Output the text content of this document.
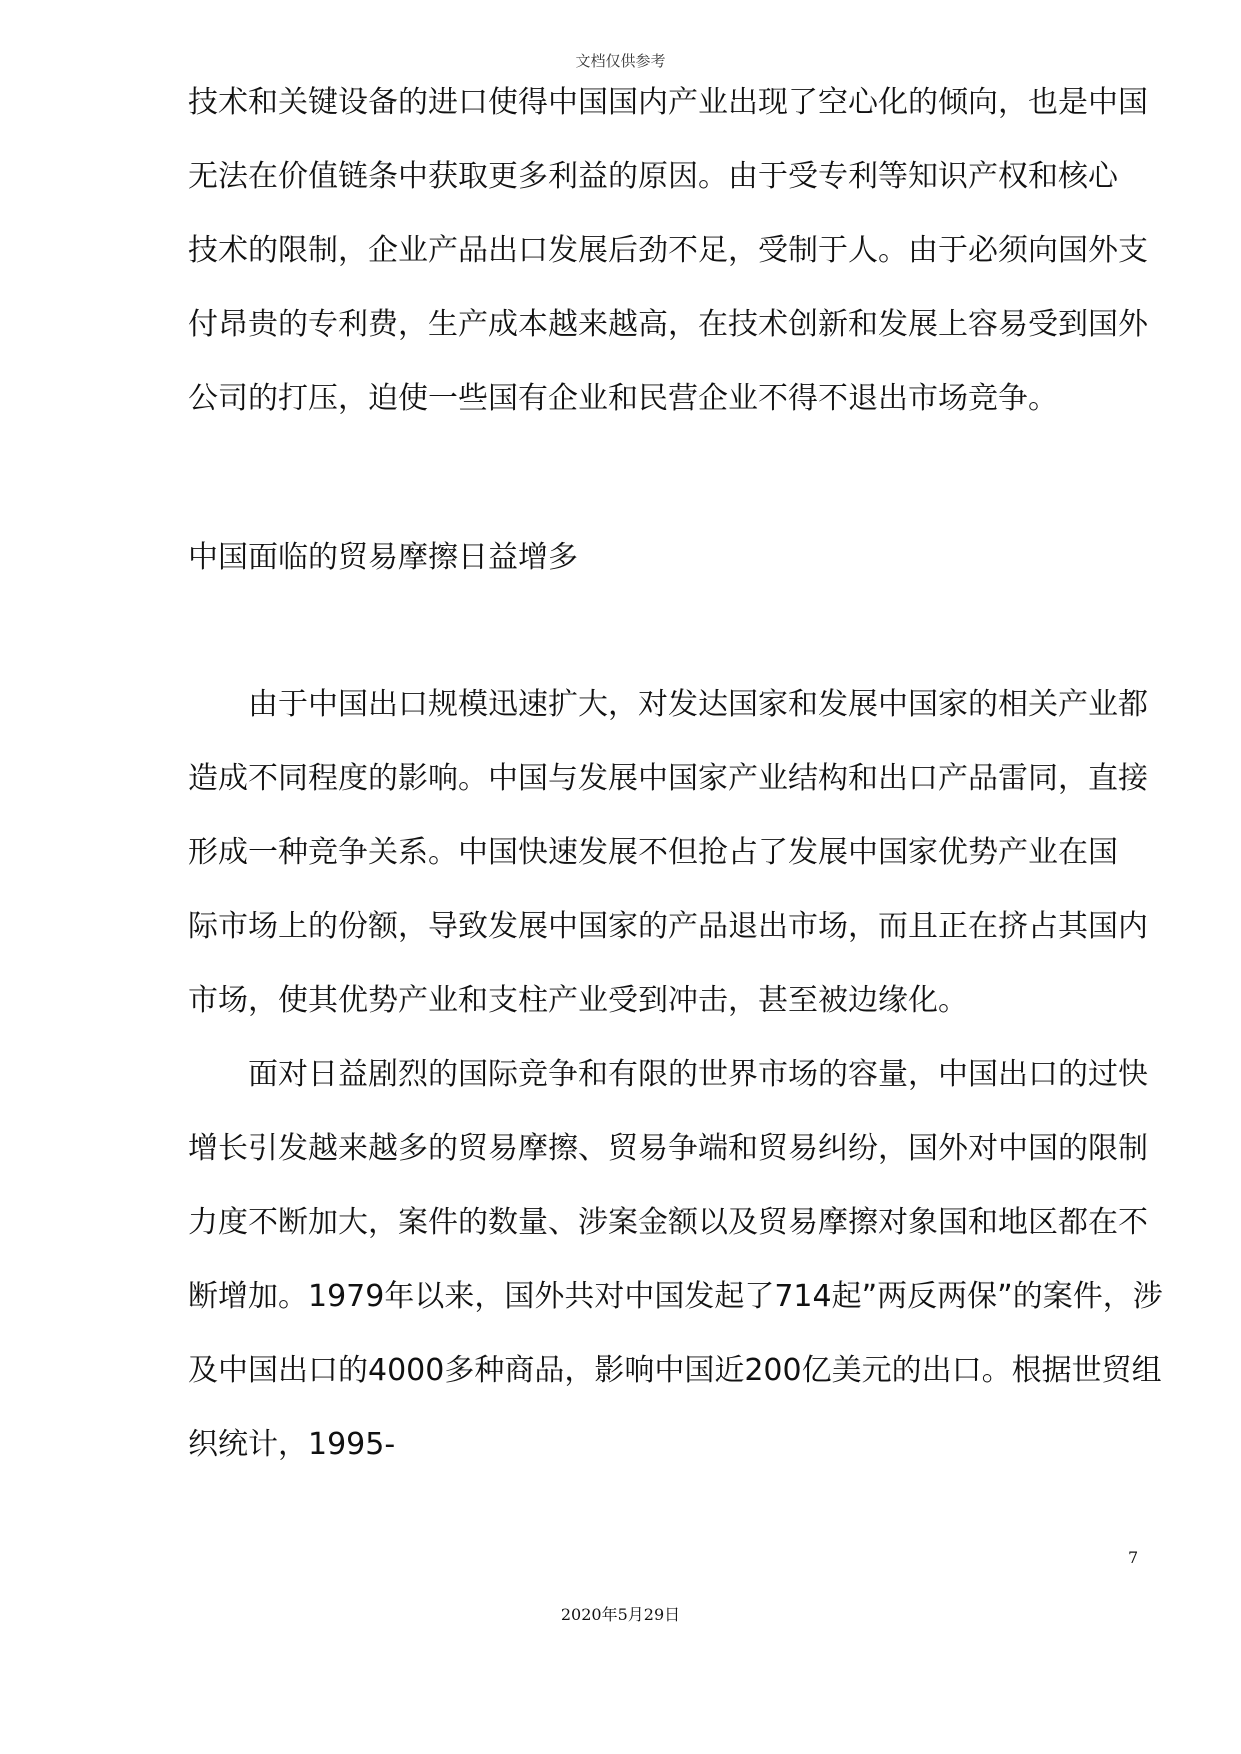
文档仅供参考
技术和关键设备的进口使得中国国内产业出现了空心化的倾向，也是中国
无法在价值链条中获取更多利益的原因。由于受专利等知识产权和核心
技术的限制，企业产品出口发展后劲不足，受制于人。由于必须向国外支
付昂贵的专利费，生产成本越来越高，在技术创新和发展上容易受到国外
公司的打压，迫使一些国有企业和民营企业不得不退出市场竞争。
中国面临的贸易摩擦日益增多
　　由于中国出口规模迅速扩大，对发达国家和发展中国家的相关产业都
造成不同程度的影响。中国与发展中国家产业结构和出口产品雷同，直接
形成一种竞争关系。中国快速发展不但抢占了发展中国家优势产业在国
际市场上的份额，导致发展中国家的产品退出市场，而且正在挤占其国内
市场，使其优势产业和支柱产业受到冲击，甚至被边缘化。
　　面对日益剧烈的国际竞争和有限的世界市场的容量，中国出口的过快
增长引发越来越多的贸易摩擦、贸易争端和贸易纠纷，国外对中国的限制
力度不断加大，案件的数量、涉案金额以及贸易摩擦对象国和地区都在不
断增加。1979年以来，国外共对中国发起了714起”两反两保”的案件，涉
及中国出口的4000多种商品，影响中国近200亿美元的出口。根据世贸组
织统计，1995-
7
2020年5月29日
